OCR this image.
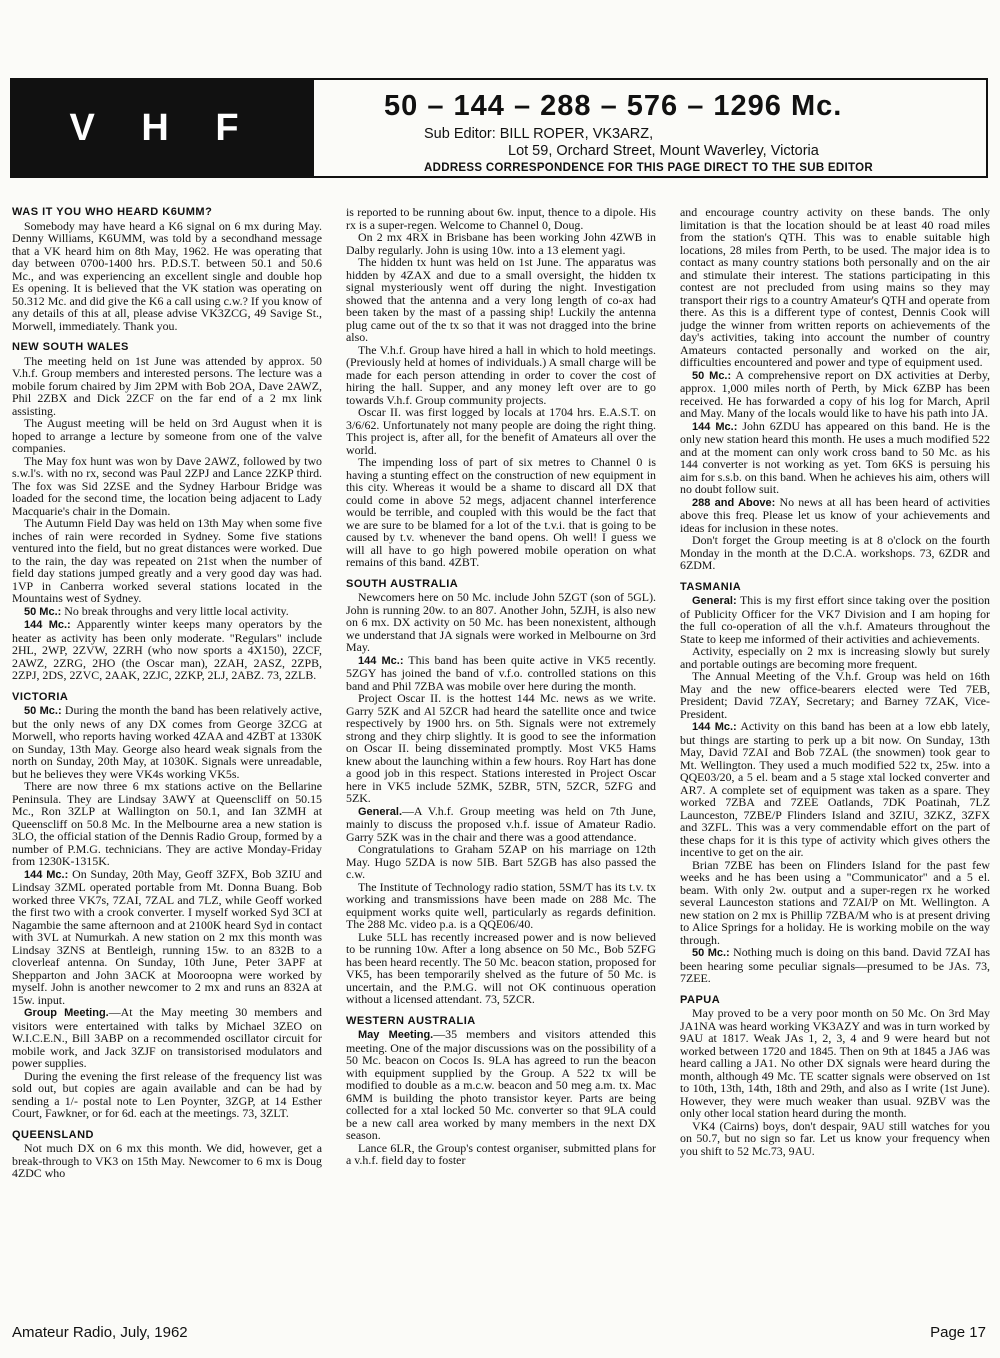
V H F
50 – 144 – 288 – 576 – 1296 Mc.
Sub Editor: BILL ROPER, VK3ARZ,
Lot 59, Orchard Street, Mount Waverley, Victoria
ADDRESS CORRESPONDENCE FOR THIS PAGE DIRECT TO THE SUB EDITOR
WAS IT YOU WHO HEARD K6UMM?

Somebody may have heard a K6 signal on 6 mx during May. Denny Williams, K6UMM, was told by a secondhand message that a VK heard him on 8th May, 1962. He was operating that day between 0700-1400 hrs. P.D.S.T. between 50.1 and 50.6 Mc., and was experiencing an excellent single and double hop Es opening. It is believed that the VK station was operating on 50.312 Mc. and did give the K6 a call using c.w.? If you know of any details of this at all, please advise VK3ZCG, 49 Savige St., Morwell, immediately. Thank you.

NEW SOUTH WALES

The meeting held on 1st June was attended by approx. 50 V.h.f. Group members and interested persons. The lecture was a mobile forum chaired by Jim 2PM with Bob 2OA, Dave 2AWZ, Phil 2ZBX and Dick 2ZCF on the far end of a 2 mx link assisting.

The August meeting will be held on 3rd August when it is hoped to arrange a lecture by someone from one of the valve companies.

The May fox hunt was won by Dave 2AWZ, followed by two s.w.l's. with no rx, second was Paul 2ZPJ and Lance 2ZKP third. The fox was Sid 2ZSE and the Sydney Harbour Bridge was loaded for the second time, the location being adjacent to Lady Macquarie's chair in the Domain.

The Autumn Field Day was held on 13th May when some five inches of rain were recorded in Sydney. Some five stations ventured into the field, but no great distances were worked. Due to the rain, the day was repeated on 21st when the number of field day stations jumped greatly and a very good day was had. 1VP in Canberra worked several stations located in the Mountains west of Sydney.

50 Mc.: No break throughs and very little local activity.

144 Mc.: Apparently winter keeps many operators by the heater as activity has been only moderate. "Regulars" include 2HL, 2WP, 2ZVW, 2ZRH (who now sports a 4X150), 2ZCF, 2AWZ, 2ZRG, 2HO (the Oscar man), 2ZAH, 2ASZ, 2ZPB, 2ZPJ, 2DS, 2ZVC, 2AAK, 2ZJC, 2ZKP, 2LJ, 2ABZ. 73, 2ZLB.

VICTORIA

50 Mc.: During the month the band has been relatively active, but the only news of any DX comes from George 3ZCG at Morwell, who reports having worked 4ZAA and 4ZBT at 1330K on Sunday, 13th May. George also heard weak signals from the north on Sunday, 20th May, at 1030K. Signals were unreadable, but he believes they were VK4s working VK5s.

There are now three 6 mx stations active on the Bellarine Peninsula. They are Lindsay 3AWY at Queenscliff on 50.15 Mc., Ron 3ZLP at Wallington on 50.1, and Ian 3ZMH at Queenscliff on 50.8 Mc. In the Melbourne area a new station is 3LO, the official station of the Dennis Radio Group, formed by a number of P.M.G. technicians. They are active Monday-Friday from 1230K-1315K.

144 Mc.: On Sunday, 20th May, Geoff 3ZFX, Bob 3ZIU and Lindsay 3ZML operated portable from Mt. Donna Buang. Bob worked three VK7s, 7ZAI, 7ZAL and 7LZ, while Geoff worked the first two with a crook converter. I myself worked Syd 3CI at Nagambie the same afternoon and at 2100K heard Syd in contact with 3VL at Numurkah. A new station on 2 mx this month was Lindsay 3ZNS at Bentleigh, running 15w. to an 832B to a cloverleaf antenna. On Sunday, 10th June, Peter 3APF at Shepparton and John 3ACK at Mooroopna were worked by myself. John is another newcomer to 2 mx and runs an 832A at 15w. input.

Group Meeting.—At the May meeting 30 members and visitors were entertained with talks by Michael 3ZEO on W.I.C.E.N., Bill 3ABP on a recommended oscillator circuit for mobile work, and Jack 3ZJF on transistorised modulators and power supplies.

During the evening the first release of the frequency list was sold out, but copies are again available and can be had by sending a 1/- postal note to Len Poynter, 3ZGP, at 14 Esther Court, Fawkner, or for 6d. each at the meetings. 73, 3ZLT.

QUEENSLAND

Not much DX on 6 mx this month. We did, however, get a break-through to VK3 on 15th May. Newcomer to 6 mx is Doug 4ZDC who

is reported to be running about 6w. input, thence to a dipole. His rx is a super-regen. Welcome to Channel 0, Doug.

On 2 mx 4RX in Brisbane has been working John 4ZWB in Dalby regularly. John is using 10w. into a 13 element yagi.

The hidden tx hunt was held on 1st June. The apparatus was hidden by 4ZAX and due to a small oversight, the hidden tx signal mysteriously went off during the night. Investigation showed that the antenna and a very long length of co-ax had been taken by the mast of a passing ship! Luckily the antenna plug came out of the tx so that it was not dragged into the brine also.

The V.h.f. Group have hired a hall in which to hold meetings. (Previously held at homes of individuals.) A small charge will be made for each person attending in order to cover the cost of hiring the hall. Supper, and any money left over are to go towards V.h.f. Group community projects.

Oscar II. was first logged by locals at 1704 hrs. E.A.S.T. on 3/6/62. Unfortunately not many people are doing the right thing. This project is, after all, for the benefit of Amateurs all over the world.

The impending loss of part of six metres to Channel 0 is having a stunting effect on the construction of new equipment in this city. Whereas it would be a shame to discard all DX that could come in above 52 megs, adjacent channel interference would be terrible, and coupled with this would be the fact that we are sure to be blamed for a lot of the t.v.i. that is going to be caused by t.v. whenever the band opens. Oh well! I guess we will all have to go high powered mobile operation on what remains of this band. 4ZBT.

SOUTH AUSTRALIA

Newcomers here on 50 Mc. include John 5ZGT (son of 5GL). John is running 20w. to an 807. Another John, 5ZJH, is also new on 6 mx. DX activity on 50 Mc. has been nonexistent, although we understand that JA signals were worked in Melbourne on 3rd May.

144 Mc.: This band has been quite active in VK5 recently. 5ZGY has joined the band of v.f.o. controlled stations on this band and Phil 7ZBA was mobile over here during the month.

Project Oscar II. is the hottest 144 Mc. news as we write. Garry 5ZK and Al 5ZCR had heard the satellite once and twice respectively by 1900 hrs. on 5th. Signals were not extremely strong and they chirp slightly. It is good to see the information on Oscar II. being disseminated promptly. Most VK5 Hams knew about the launching within a few hours. Roy Hart has done a good job in this respect. Stations interested in Project Oscar here in VK5 include 5ZMK, 5ZBR, 5TN, 5ZCR, 5ZFG and 5ZK.

General.—A V.h.f. Group meeting was held on 7th June, mainly to discuss the proposed v.h.f. issue of Amateur Radio. Garry 5ZK was in the chair and there was a good attendance.

Congratulations to Graham 5ZAP on his marriage on 12th May. Hugo 5ZDA is now 5IB. Bart 5ZGB has also passed the c.w.

The Institute of Technology radio station, 5SM/T has its t.v. tx working and transmissions have been made on 288 Mc. The equipment works quite well, particularly as regards definition. The 288 Mc. video p.a. is a QQE06/40.

Luke 5LL has recently increased power and is now believed to be running 10w. After a long absence on 50 Mc., Bob 5ZFG has been heard recently. The 50 Mc. beacon station, proposed for VK5, has been temporarily shelved as the future of 50 Mc. is uncertain, and the P.M.G. will not OK continuous operation without a licensed attendant. 73, 5ZCR.

WESTERN AUSTRALIA

May Meeting.—35 members and visitors attended this meeting. One of the major discussions was on the possibility of a 50 Mc. beacon on Cocos Is. 9LA has agreed to run the beacon with equipment supplied by the Group. A 522 tx will be modified to double as a m.c.w. beacon and 50 meg a.m. tx. Mac 6MM is building the photo transistor keyer. Parts are being collected for a xtal locked 50 Mc. converter so that 9LA could be a new call area worked by many members in the next DX season.

Lance 6LR, the Group's contest organiser, submitted plans for a v.h.f. field day to foster

and encourage country activity on these bands. The only limitation is that the location should be at least 40 road miles from the station's QTH. This was to enable suitable high locations, 28 miles from Perth, to be used. The major idea is to contact as many country stations both personally and on the air and stimulate their interest. The stations participating in this contest are not precluded from using mains so they may transport their rigs to a country Amateur's QTH and operate from there. As this is a different type of contest, Dennis Cook will judge the winner from written reports on achievements of the day's activities, taking into account the number of country Amateurs contacted personally and worked on the air, difficulties encountered and power and type of equipment used.

50 Mc.: A comprehensive report on DX activities at Derby, approx. 1,000 miles north of Perth, by Mick 6ZBP has been received. He has forwarded a copy of his log for March, April and May. Many of the locals would like to have his path into JA.

144 Mc.: John 6ZDU has appeared on this band. He is the only new station heard this month. He uses a much modified 522 and at the moment can only work cross band to 50 Mc. as his 144 converter is not working as yet. Tom 6KS is persuing his aim for s.s.b. on this band. When he achieves his aim, others will no doubt follow suit.

288 and Above: No news at all has been heard of activities above this freq. Please let us know of your achievements and ideas for inclusion in these notes.

Don't forget the Group meeting is at 8 o'clock on the fourth Monday in the month at the D.C.A. workshops. 73, 6ZDR and 6ZDM.

TASMANIA

General: This is my first effort since taking over the position of Publicity Officer for the VK7 Division and I am hoping for the full co-operation of all the v.h.f. Amateurs throughout the State to keep me informed of their activities and achievements.

Activity, especially on 2 mx is increasing slowly but surely and portable outings are becoming more frequent.

The Annual Meeting of the V.h.f. Group was held on 16th May and the new office-bearers elected were Ted 7EB, President; David 7ZAY, Secretary; and Barney 7ZAK, Vice-President.

144 Mc.: Activity on this band has been at a low ebb lately, but things are starting to perk up a bit now. On Sunday, 13th May, David 7ZAI and Bob 7ZAL (the snowmen) took gear to Mt. Wellington. They used a much modified 522 tx, 25w. into a QQE03/20, a 5 el. beam and a 5 stage xtal locked converter and AR7. A complete set of equipment was taken as a spare. They worked 7ZBA and 7ZEE Oatlands, 7DK Poatinah, 7LZ Launceston, 7ZBE/P Flinders Island and 3ZIU, 3ZKZ, 3ZFX and 3ZFL. This was a very commendable effort on the part of these chaps for it is this type of activity which gives others the incentive to get on the air.

Brian 7ZBE has been on Flinders Island for the past few weeks and he has been using a "Communicator" and a 5 el. beam. With only 2w. output and a super-regen rx he worked several Launceston stations and 7ZAI/P on Mt. Wellington. A new station on 2 mx is Phillip 7ZBA/M who is at present driving to Alice Springs for a holiday. He is working mobile on the way through.

50 Mc.: Nothing much is doing on this band. David 7ZAI has been hearing some peculiar signals—presumed to be JAs. 73, 7ZEE.

PAPUA

May proved to be a very poor month on 50 Mc. On 3rd May JA1NA was heard working VK3AZY and was in turn worked by 9AU at 1817. Weak JAs 1, 2, 3, 4 and 9 were heard but not worked between 1720 and 1845. Then on 9th at 1845 a JA6 was heard calling a JA1. No other DX signals were heard during the month, although 49 Mc. TE scatter signals were observed on 1st to 10th, 13th, 14th, 18th and 29th, and also as I write (1st June). However, they were much weaker than usual. 9ZBV was the only other local station heard during the month.

VK4 (Cairns) boys, don't despair, 9AU still watches for you on 50.7, but no sign so far. Let us know your frequency when you shift to 52 Mc.73, 9AU.

Amateur Radio, July, 1962	Page 17
